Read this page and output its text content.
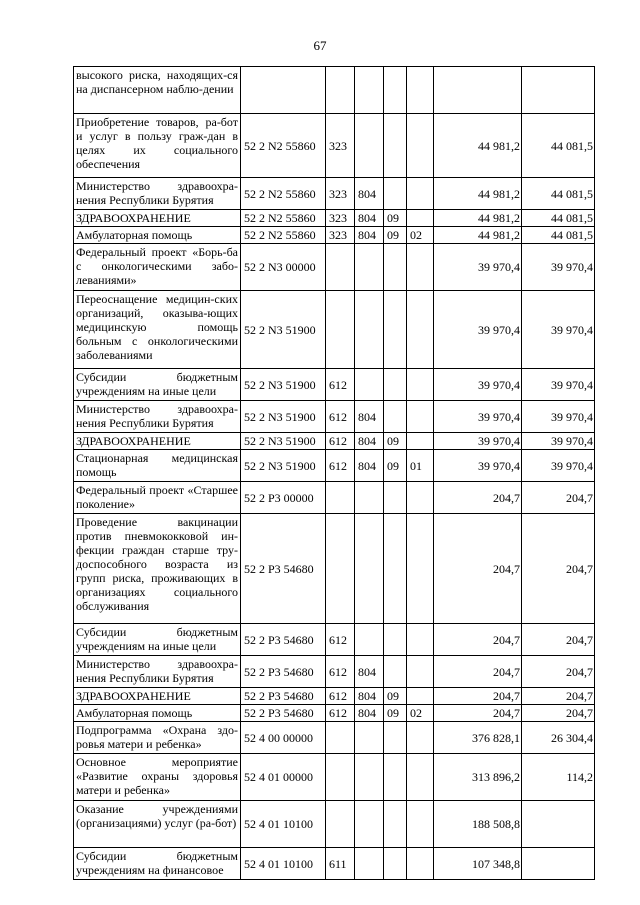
67
высокого риска, находящих-ся на диспансерном наблю-дении							
Приобретение товаров, ра-бот и услуг в пользу граж-дан в целях их социального обеспечения	52 2 N2 55860	323				44 981,2	44 081,5
Министерство здравоохра-нения Республики Бурятия	52 2 N2 55860	323	804			44 981,2	44 081,5
ЗДРАВООХРАНЕНИЕ	52 2 N2 55860	323	804	09		44 981,2	44 081,5
Амбулаторная помощь	52 2 N2 55860	323	804	09	02	44 981,2	44 081,5
Федеральный проект «Борь-ба с онкологическими забо-леваниями»	52 2 N3 00000					39 970,4	39 970,4
Переоснащение медицин-ских организаций, оказыва-ющих медицинскую помощь больным с онкологическими заболеваниями	52 2 N3 51900					39 970,4	39 970,4
Субсидии бюджетным учреждениям на иные цели	52 2 N3 51900	612				39 970,4	39 970,4
Министерство здравоохра-нения Республики Бурятия	52 2 N3 51900	612	804			39 970,4	39 970,4
ЗДРАВООХРАНЕНИЕ	52 2 N3 51900	612	804	09		39 970,4	39 970,4
Стационарная медицинская помощь	52 2 N3 51900	612	804	09	01	39 970,4	39 970,4
Федеральный проект «Старшее поколение»	52 2 P3 00000					204,7	204,7
Проведение вакцинации против пневмококковой ин-фекции граждан старше тру-доспособного возраста из групп риска, проживающих в организациях социального обслуживания	52 2 P3 54680					204,7	204,7
Субсидии бюджетным учреждениям на иные цели	52 2 P3 54680	612				204,7	204,7
Министерство здравоохра-нения Республики Бурятия	52 2 P3 54680	612	804			204,7	204,7
ЗДРАВООХРАНЕНИЕ	52 2 P3 54680	612	804	09		204,7	204,7
Амбулаторная помощь	52 2 P3 54680	612	804	09	02	204,7	204,7
Подпрограмма «Охрана здо-ровья матери и ребенка»	52 4 00 00000					376 828,1	26 304,4
Основное мероприятие «Развитие охраны здоровья матери и ребенка»	52 4 01 00000					313 896,2	114,2
Оказание учреждениями (организациями) услуг (ра-бот)	52 4 01 10100					188 508,8	
Субсидии бюджетным учреждениям на финансовое	52 4 01 10100	611				107 348,8	
